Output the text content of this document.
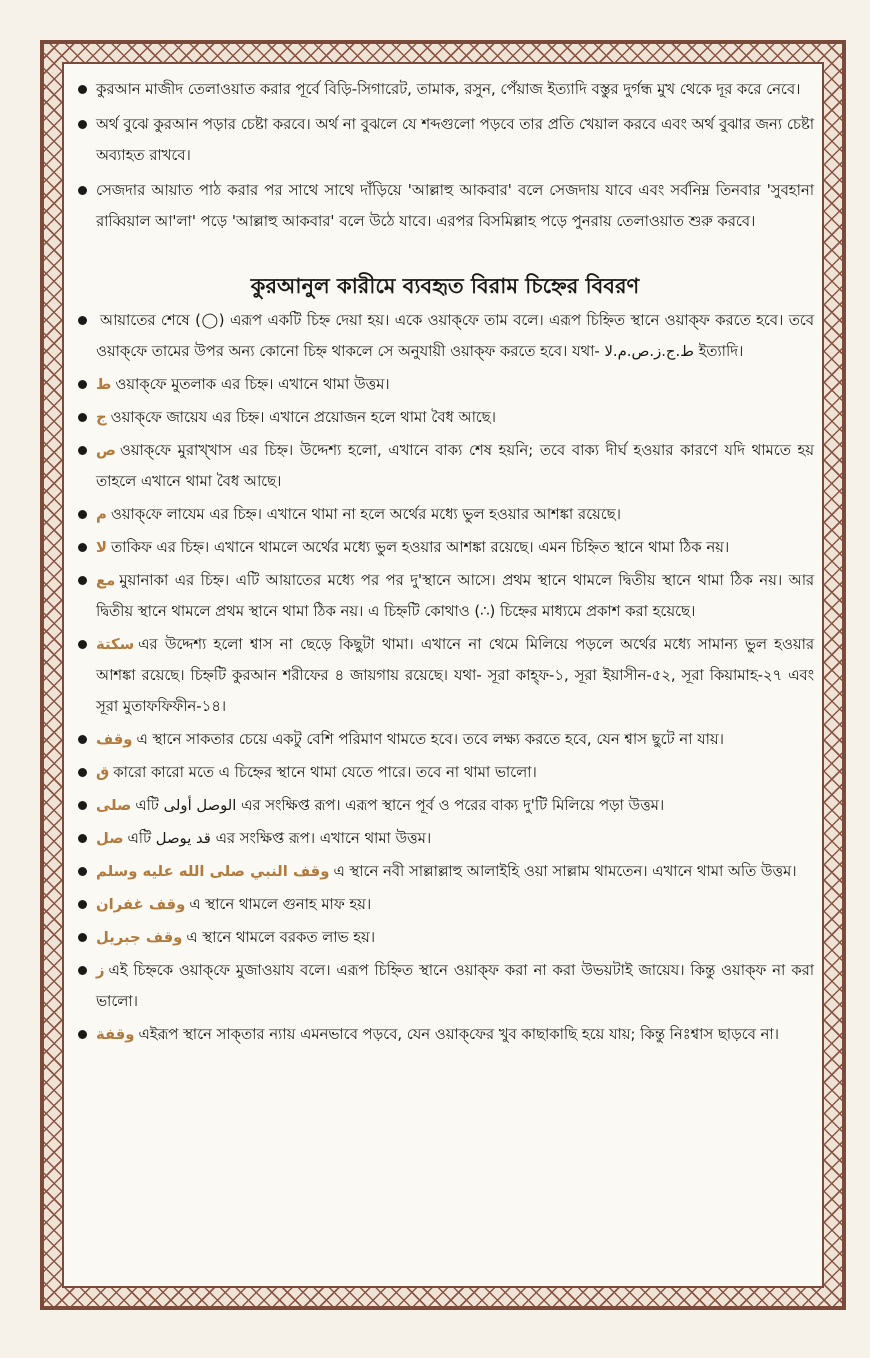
কুরআন মাজীদ তেলাওয়াত করার পূর্বে বিড়ি-সিগারেট, তামাক, রসুন, পেঁয়াজ ইত্যাদি বস্তুর দুর্গন্ধ মুখ থেকে দূর করে নেবে।
অর্থ বুঝে কুরআন পড়ার চেষ্টা করবে। অর্থ না বুঝলে যে শব্দগুলো পড়বে তার প্রতি খেয়াল করবে এবং অর্থ বুঝার জন্য চেষ্টা অব্যাহত রাখবে।
সেজদার আয়াত পাঠ করার পর সাথে সাথে দাঁড়িয়ে 'আল্লাহু আকবার' বলে সেজদায় যাবে এবং সর্বনিম্ন তিনবার 'সুবহানা রাব্বিয়াল আ'লা' পড়ে 'আল্লাহু আকবার' বলে উঠে যাবে। এরপর বিসমিল্লাহ পড়ে পুনরায় তেলাওয়াত শুরু করবে।
কুরআনুল কারীমে ব্যবহৃত বিরাম চিহ্নের বিবরণ
আয়াতের শেষে (◯) এরূপ একটি চিহ্ন দেয়া হয়। একে ওয়াক্‌ফে তাম বলে। এরূপ চিহ্নিত স্থানে ওয়াক্‌ফ করতে হবে। তবে ওয়াক্‌ফে তামের উপর অন্য কোনো চিহ্ন থাকলে সে অনুযায়ী ওয়াক্‌ফ করতে হবে। যথা- ط.ج.ز.ص.م.لا ইত্যাদি।
ط ওয়াক্‌ফে মুতলাক এর চিহ্ন। এখানে থামা উত্তম।
ج ওয়াক্‌ফে জায়েয এর চিহ্ন। এখানে প্রয়োজন হলে থামা বৈধ আছে।
ص ওয়াক্‌ফে মুরাখ্খাস এর চিহ্ন। উদ্দেশ্য হলো, এখানে বাক্য শেষ হয়নি; তবে বাক্য দীর্ঘ হওয়ার কারণে যদি থামতে হয় তাহলে এখানে থামা বৈধ আছে।
م ওয়াক্‌ফে লাযেম এর চিহ্ন। এখানে থামা না হলে অর্থের মধ্যে ভুল হওয়ার আশঙ্কা রয়েছে।
لا তাকিফ এর চিহ্ন। এখানে থামলে অর্থের মধ্যে ভুল হওয়ার আশঙ্কা রয়েছে। এমন চিহ্নিত স্থানে থামা ঠিক নয়।
مع মুয়ানাকা এর চিহ্ন। এটি আয়াতের মধ্যে পর পর দু'স্থানে আসে। প্রথম স্থানে থামলে দ্বিতীয় স্থানে থামা ঠিক নয়। আর দ্বিতীয় স্থানে থামলে প্রথম স্থানে থামা ঠিক নয়। এ চিহ্নটি কোথাও (∴) চিহ্নের মাধ্যমে প্রকাশ করা হয়েছে।
سكتة এর উদ্দেশ্য হলো শ্বাস না ছেড়ে কিছুটা থামা। এখানে না থেমে মিলিয়ে পড়লে অর্থের মধ্যে সামান্য ভুল হওয়ার আশঙ্কা রয়েছে। চিহ্নটি কুরআন শরীফের ৪ জায়গায় রয়েছে। যথা- সূরা কাহ্‌ফ-১, সূরা ইয়াসীন-৫২, সূরা কিয়ামাহ-২৭ এবং সূরা মুতাফফিফীন-১৪।
وقف এ স্থানে সাকতার চেয়ে একটু বেশি পরিমাণ থামতে হবে। তবে লক্ষ্য করতে হবে, যেন শ্বাস ছুটে না যায়।
ق কারো কারো মতে এ চিহ্নের স্থানে থামা যেতে পারে। তবে না থামা ভালো।
صلى এটি الوصل أولى এর সংক্ষিপ্ত রূপ। এরূপ স্থানে পূর্ব ও পরের বাক্য দু'টি মিলিয়ে পড়া উত্তম।
صل এটি قد يوصل এর সংক্ষিপ্ত রূপ। এখানে থামা উত্তম।
وقف النبي صلى الله عليه وسلم এ স্থানে নবী সাল্লাল্লাহু আলাইহি ওয়া সাল্লাম থামতেন। এখানে থামা অতি উত্তম।
وقف غفران এ স্থানে থামলে গুনাহ মাফ হয়।
وقف جبريل এ স্থানে থামলে বরকত লাভ হয়।
ز এই চিহ্নকে ওয়াক্‌ফে মুজাওয়ায বলে। এরূপ চিহ্নিত স্থানে ওয়াক্‌ফ করা না করা উভয়টাই জায়েয। কিন্তু ওয়াক্‌ফ না করা ভালো।
وقفة এইরূপ স্থানে সাক্‌তার ন্যায় এমনভাবে পড়বে, যেন ওয়াক্‌ফের খুব কাছাকাছি হয়ে যায়; কিন্তু নিঃশ্বাস ছাড়বে না।
